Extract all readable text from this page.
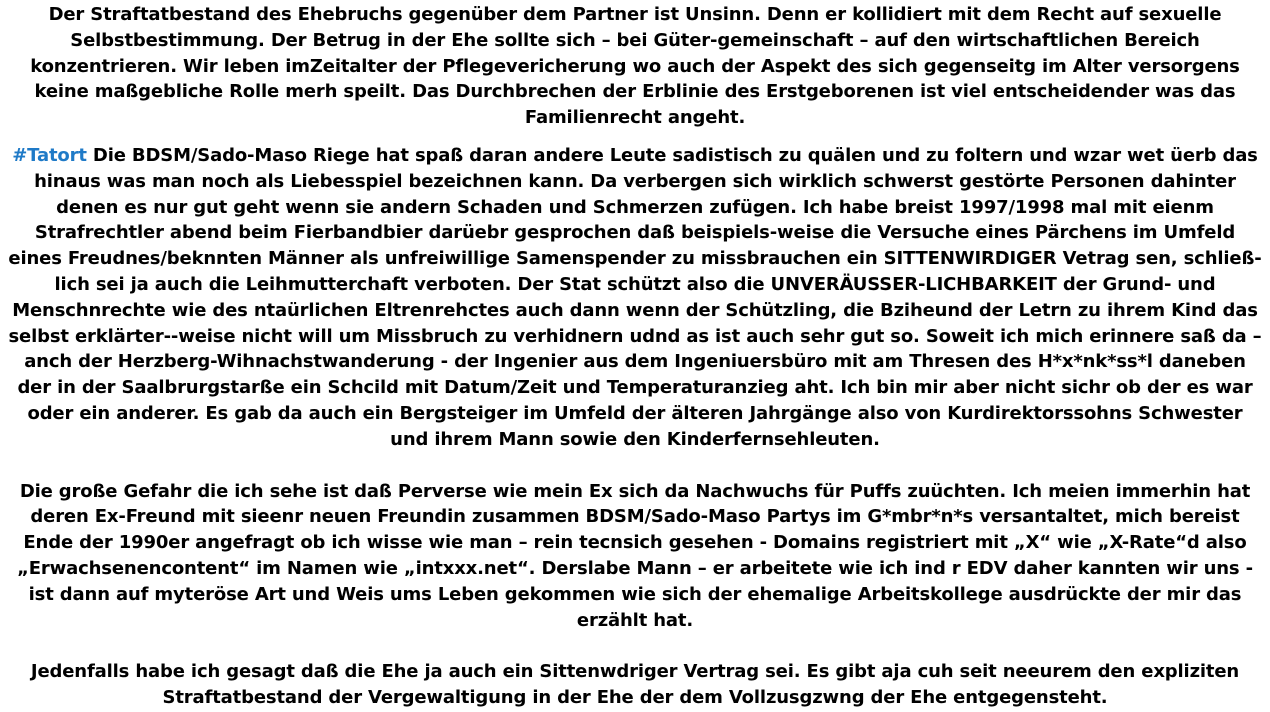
Der Straftatbestand des Ehebruchs gegenüber dem Partner ist Unsinn. Denn er kollidiert mit dem Recht auf sexuelle Selbstbestimmung. Der Betrug in der Ehe sollte sich – bei Güter-gemeinschaft – auf den wirtschaftlichen Bereich konzentrieren. Wir leben imZeitalter der Pflegevericherung wo auch der Aspekt des sich gegenseitg im Alter versorgens keine maßgebliche Rolle merh speilt. Das Durchbrechen der Erblinie des Erstgeborenen ist viel entscheidender was das Familienrecht angeht.

#Tatort Die BDSM/Sado-Maso Riege hat spaß daran andere Leute sadistisch zu quälen und zu foltern und wzar wet üerb das hinaus was man noch als Liebesspiel bezeichnen kann. Da verbergen sich wirklich schwerst gestörte Personen dahinter denen es nur gut geht wenn sie andern Schaden und Schmerzen zufügen. Ich habe breist 1997/1998 mal mit eienm Strafrechtler abend beim Fierbandbier darüebr gesprochen daß beispiels-weise die Versuche eines Pärchens im Umfeld eines Freudnes/beknnten Männer als unfreiwillige Samenspender zu missbrauchen ein SITTENWIRDIGER Vetrag sen, schließ-lich sei ja auch die Leihmutterchaft verboten. Der Stat schützt also die UNVERÄUSSER-LICHBARKEIT der Grund- und Menschnrechte wie des ntaürlichen Eltrenrehctes auch dann wenn der Schützling, die Bziheund der Letrn zu ihrem Kind das selbst erklärter--weise nicht will um Missbruch zu verhidnern udnd as ist auch sehr gut so. Soweit ich mich erinnere saß da – anch der Herzberg-Wihnachstwanderung - der Ingenier aus dem Ingeniuersbüro mit am Thresen des H*x*nk*ss*l daneben der in der Saalbrurgstarße ein Schcild mit Datum/Zeit und Temperaturanzieg aht. Ich bin mir aber nicht sichr ob der es war oder ein anderer. Es gab da auch ein Bergsteiger im Umfeld der älteren Jahrgänge also von Kurdirektorssohns Schwester und ihrem Mann sowie den Kinderfernsehleuten.

Die große Gefahr die ich sehe ist daß Perverse wie mein Ex sich da Nachwuchs für Puffs zuüchten. Ich meien immerhin hat deren Ex-Freund mit sieenr neuen Freundin zusammen BDSM/Sado-Maso Partys im G*mbr*n*s versantaltet, mich bereist Ende der 1990er angefragt ob ich wisse wie man – rein tecnsich gesehen - Domains registriert mit „X“ wie „X-Rate“d also „Erwachsenencontent“ im Namen wie „intxxx.net“. Derslabe Mann – er arbeitete wie ich ind r EDV daher kannten wir uns - ist dann auf myteröse Art und Weis ums Leben gekommen wie sich der ehemalige Arbeitskollege ausdrückte der mir das erzählt hat.

Jedenfalls habe ich gesagt daß die Ehe ja auch ein Sittenwdriger Vertrag sei. Es gibt aja cuh seit neeurem den expliziten Straftatbestand der Vergewaltigung in der Ehe der dem Vollzusgzwng der Ehe entgegensteht.
